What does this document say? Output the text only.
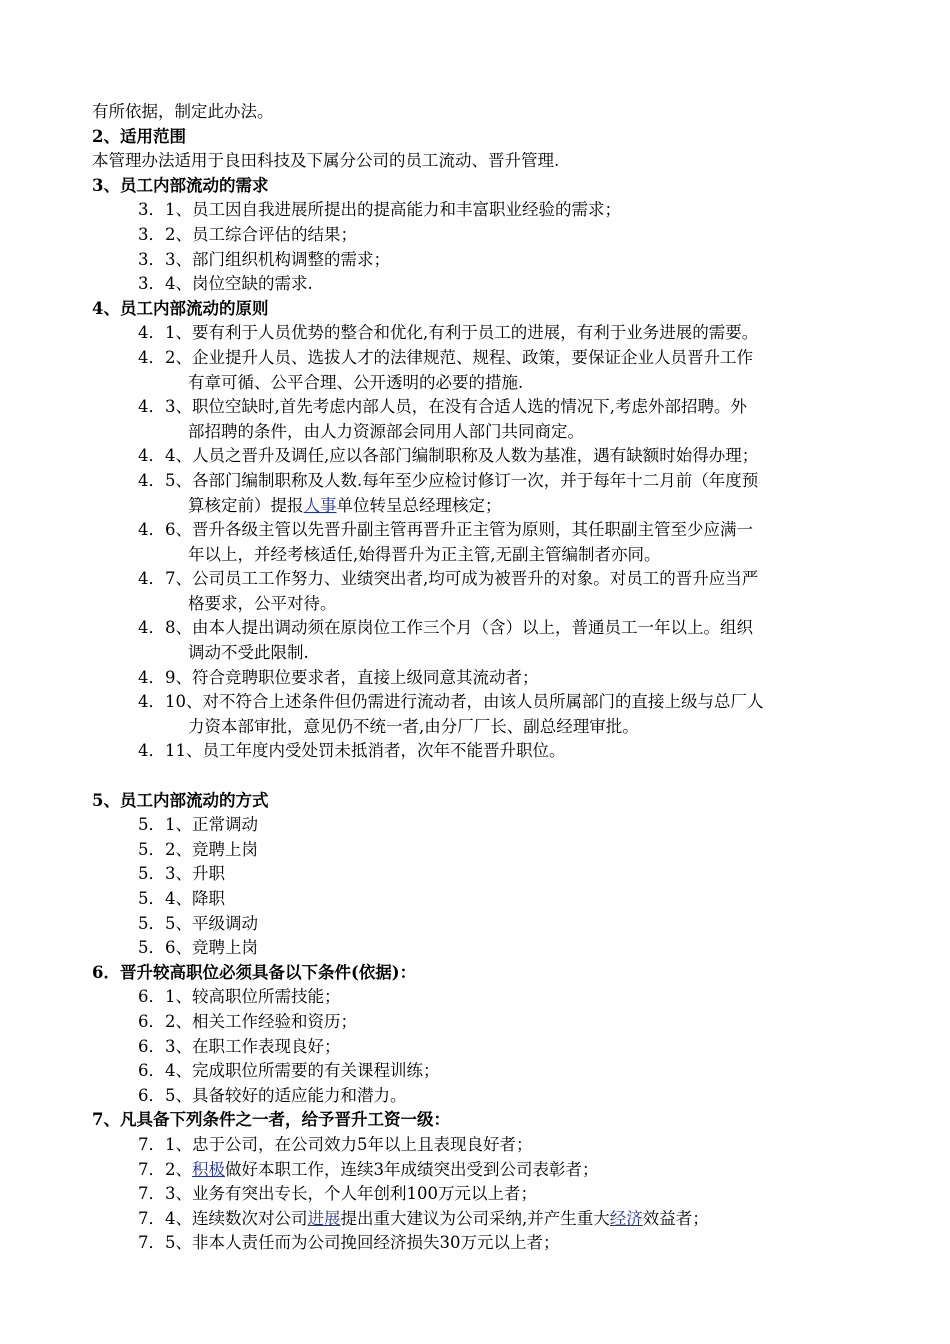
有所依据，制定此办法。
2、适用范围
本管理办法适用于良田科技及下属分公司的员工流动、晋升管理.
3、员工内部流动的需求
3．1、员工因自我进展所提出的提高能力和丰富职业经验的需求；
3．2、员工综合评估的结果；
3．3、部门组织机构调整的需求；
3．4、岗位空缺的需求.
4、员工内部流动的原则
4．1、要有利于人员优势的整合和优化,有利于员工的进展，有利于业务进展的需要。
4．2、企业提升人员、选拔人才的法律规范、规程、政策，要保证企业人员晋升工作
有章可循、公平合理、公开透明的必要的措施.
4．3、职位空缺时,首先考虑内部人员，在没有合适人选的情况下,考虑外部招聘。外
部招聘的条件，由人力资源部会同用人部门共同商定。
4．4、人员之晋升及调任,应以各部门编制职称及人数为基准，遇有缺额时始得办理；
4．5、各部门编制职称及人数.每年至少应检讨修订一次，并于每年十二月前（年度预
算核定前）提报人事单位转呈总经理核定；
4．6、晋升各级主管以先晋升副主管再晋升正主管为原则，其任职副主管至少应满一
年以上，并经考核适任,始得晋升为正主管,无副主管编制者亦同。
4．7、公司员工工作努力、业绩突出者,均可成为被晋升的对象。对员工的晋升应当严
格要求，公平对待。
4．8、由本人提出调动须在原岗位工作三个月（含）以上，普通员工一年以上。组织
调动不受此限制.
4．9、符合竞聘职位要求者，直接上级同意其流动者；
4．10、对不符合上述条件但仍需进行流动者，由该人员所属部门的直接上级与总厂人
力资本部审批，意见仍不统一者,由分厂厂长、副总经理审批。
4．11、员工年度内受处罚未抵消者，次年不能晋升职位。
5、员工内部流动的方式
5．1、正常调动
5．2、竞聘上岗
5．3、升职
5．4、降职
5．5、平级调动
5．6、竞聘上岗
6．晋升较高职位必须具备以下条件(依据)：
6．1、较高职位所需技能；
6．2、相关工作经验和资历；
6．3、在职工作表现良好；
6．4、完成职位所需要的有关课程训练；
6．5、具备较好的适应能力和潜力。
7、凡具备下列条件之一者，给予晋升工资一级：
7．1、忠于公司，在公司效力5年以上且表现良好者；
7．2、积极做好本职工作，连续3年成绩突出受到公司表彰者；
7．3、业务有突出专长，个人年创利100万元以上者；
7．4、连续数次对公司进展提出重大建议为公司采纳,并产生重大经济效益者；
7．5、非本人责任而为公司挽回经济损失30万元以上者；
